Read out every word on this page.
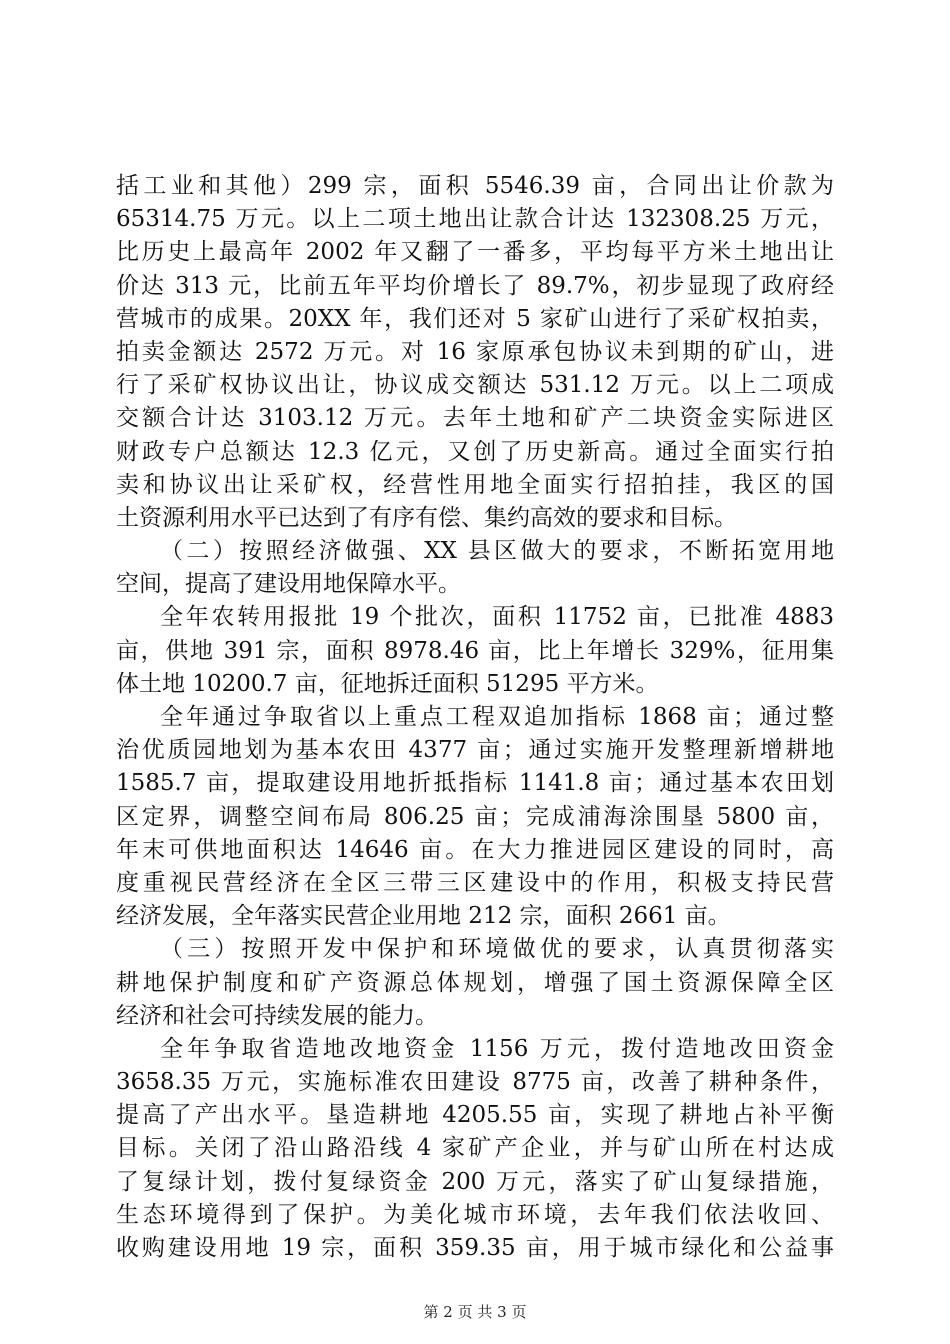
括工业和其他）299 宗，面积 5546.39 亩，合同出让价款为
65314.75 万元。以上二项土地出让款合计达 132308.25 万元，
比历史上最高年 2002 年又翻了一番多，平均每平方米土地出让
价达 313 元，比前五年平均价增长了 89.7%，初步显现了政府经
营城市的成果。20XX 年，我们还对 5 家矿山进行了采矿权拍卖，
拍卖金额达 2572 万元。对 16 家原承包协议未到期的矿山，进
行了采矿权协议出让，协议成交额达 531.12 万元。以上二项成
交额合计达 3103.12 万元。去年土地和矿产二块资金实际进区
财政专户总额达 12.3 亿元，又创了历史新高。通过全面实行拍
卖和协议出让采矿权，经营性用地全面实行招拍挂，我区的国
土资源利用水平已达到了有序有偿、集约高效的要求和目标。
（二）按照经济做强、XX 县区做大的要求，不断拓宽用地
空间，提高了建设用地保障水平。
全年农转用报批 19 个批次，面积 11752 亩，已批准 4883
亩，供地 391 宗，面积 8978.46 亩，比上年增长 329%，征用集
体土地 10200.7 亩，征地拆迁面积 51295 平方米。
全年通过争取省以上重点工程双追加指标 1868 亩；通过整
治优质园地划为基本农田 4377 亩；通过实施开发整理新增耕地
1585.7 亩，提取建设用地折抵指标 1141.8 亩；通过基本农田划
区定界，调整空间布局 806.25 亩；完成浦海涂围垦 5800 亩，
年末可供地面积达 14646 亩。在大力推进园区建设的同时，高
度重视民营经济在全区三带三区建设中的作用，积极支持民营
经济发展，全年落实民营企业用地 212 宗，面积 2661 亩。
（三）按照开发中保护和环境做优的要求，认真贯彻落实
耕地保护制度和矿产资源总体规划，增强了国土资源保障全区
经济和社会可持续发展的能力。
全年争取省造地改地资金 1156 万元，拨付造地改田资金
3658.35 万元，实施标准农田建设 8775 亩，改善了耕种条件，
提高了产出水平。垦造耕地 4205.55 亩，实现了耕地占补平衡
目标。关闭了沿山路沿线 4 家矿产企业，并与矿山所在村达成
了复绿计划，拨付复绿资金 200 万元，落实了矿山复绿措施，
生态环境得到了保护。为美化城市环境，去年我们依法收回、
收购建设用地 19 宗，面积 359.35 亩，用于城市绿化和公益事
第 2 页 共 3 页
